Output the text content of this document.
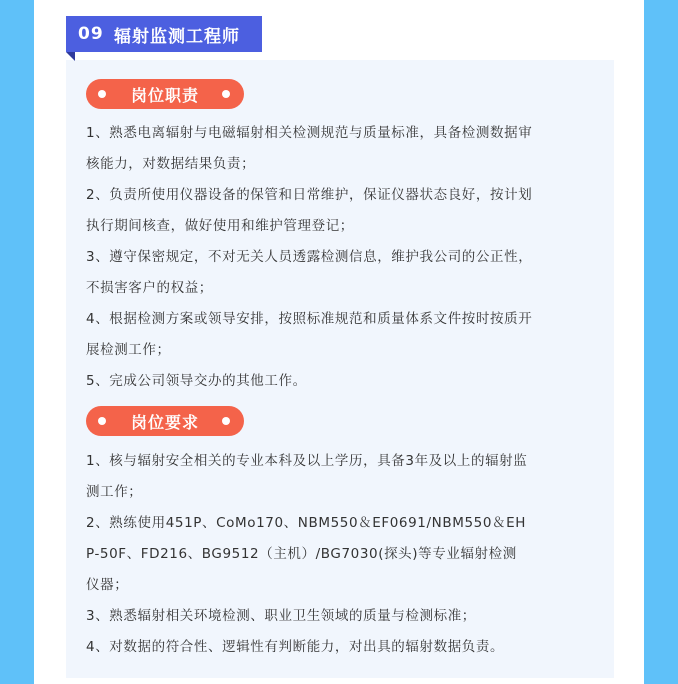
09 辐射监测工程师
岗位职责
1、熟悉电离辐射与电磁辐射相关检测规范与质量标准，具备检测数据审
核能力，对数据结果负责；
2、负责所使用仪器设备的保管和日常维护，保证仪器状态良好，按计划
执行期间核查，做好使用和维护管理登记；
3、遵守保密规定，不对无关人员透露检测信息，维护我公司的公正性，
不损害客户的权益；
4、根据检测方案或领导安排，按照标准规范和质量体系文件按时按质开
展检测工作；
5、完成公司领导交办的其他工作。
岗位要求
1、核与辐射安全相关的专业本科及以上学历，具备3年及以上的辐射监
测工作；
2、熟练使用451P、CoMo170、NBM550＆EF0691/NBM550＆EH
P-50F、FD216、BG9512（主机）/BG7030(探头)等专业辐射检测
仪器；
3、熟悉辐射相关环境检测、职业卫生领域的质量与检测标准；
4、对数据的符合性、逻辑性有判断能力，对出具的辐射数据负责。
